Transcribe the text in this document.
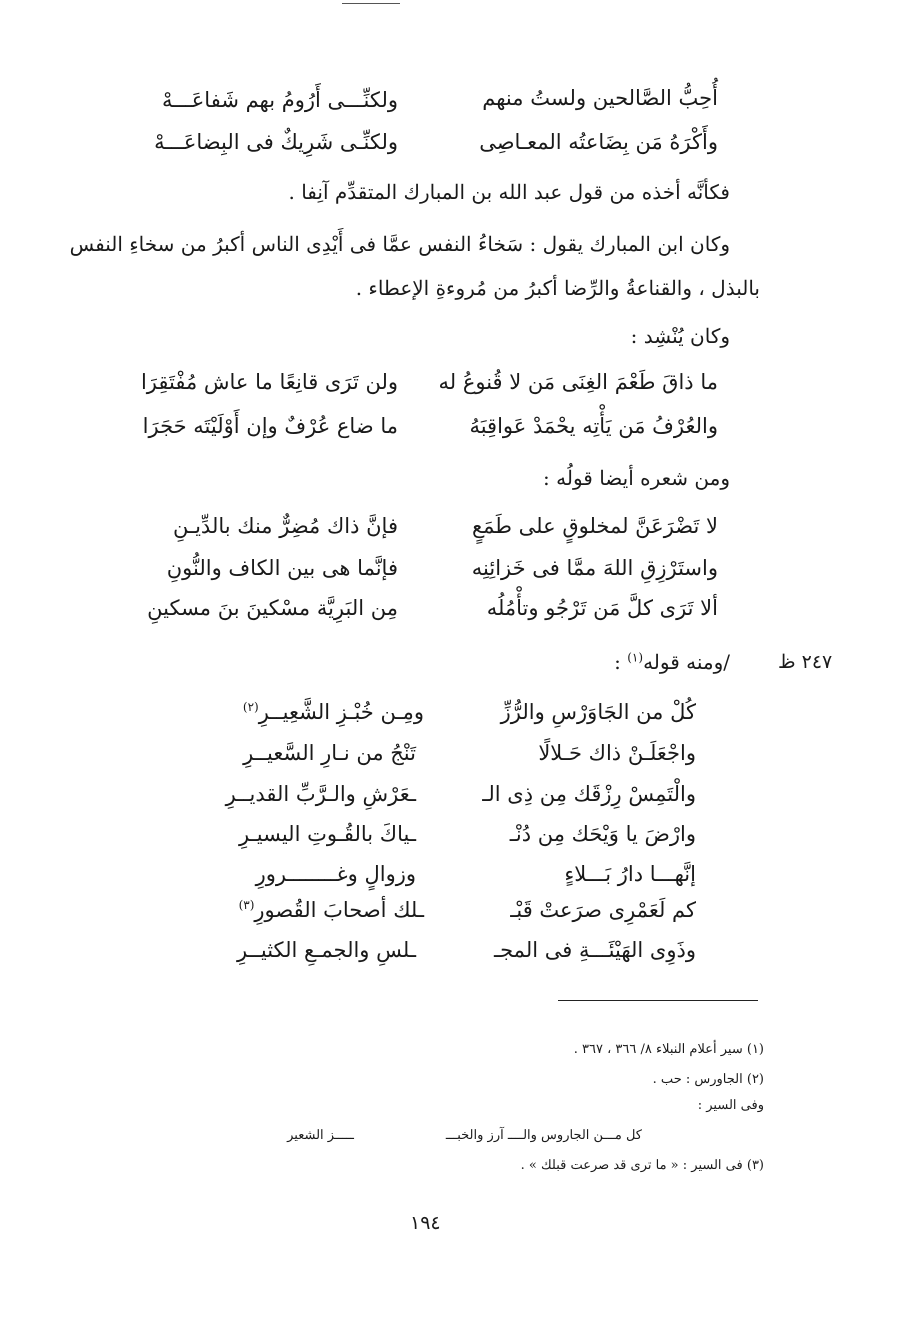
أُحِبُّ الصَّالحين ولستُ منهم
ولكنِّـــى أَرُومُ بهم شَفاعَـــهْ
وأَكْرَهُ مَن بِضَاعتُه المعـاصِى
ولكنِّـى شَرِيكٌ فى البِضاعَـــهْ
فكأنَّه أخذه من قول عبد الله بن المبارك المتقدِّم آنِفا .
وكان ابن المبارك يقول : سَخاءُ النفس عمَّا فى أَيْدِى الناس أكبرُ من سخاءِ النفس
بالبذل ، والقناعةُ والرِّضا أكبرُ من مُروءةِ الإعطاء .
وكان يُنْشِد :
ما ذاقَ طَعْمَ الغِنَى مَن لا قُنوعُ له
ولن تَرَى قانِعًا ما عاش مُفْتَقِرَا
والعُرْفُ مَن يَأْتِه يحْمَدْ عَواقِبَهُ
ما ضاع عُرْفٌ وإن أَوْلَيْتَه حَجَرَا
ومن شعره أيضا قولُه :
لا تَضْرَعَنَّ لمخلوقٍ على طَمَعٍ
فإنَّ ذاك مُضِرٌّ منك بالدِّيـنِ
واستَرْزِقِ اللهَ ممَّا فى خَزائِنِه
فإنَّما هى بين الكاف والنُّونِ
ألا تَرَى كلَّ مَن تَرْجُو وتأْمُلُه
مِن البَرِيَّة مسْكينَ بنَ مسكينِ
٢٤٧ ظ
/ومنه قوله$^{(١)}$ :
كُلْ من الجَاوَرْسِ والرُّزِّ
ومِـن خُبْـزِ الشَّعِيــرِ$^{(٢)}$
واجْعَلَـنْ ذاك حَـلالًا
تَنْجُ من نـارِ السَّعيــرِ
والْتَمِسْ رِزْقَك مِن ذِى الـ
ـعَرْشِ والـرَّبِّ القديــرِ
وارْضَ يا وَيْحَك مِن دُنْـ
ـياكَ بالقُـوتِ اليسيـرِ
إنَّهـــا دارُ بَـــلاءٍ
وزوالٍ وغــــــــرورِ
كم لَعَمْرِى صرَعتْ قَبْـ
ـلك أصحابَ القُصورِ$^{(٣)}$
وذَوِى الهَيْئَـــةِ فى المجـ
ـلسِ والجمـعِ الكثيــرِ
(١) سير أعلام النبلاء ٨/ ٣٦٦ ، ٣٦٧ .
(٢) الجاورس : حب .
وفى السير :
كل مـــن الجاروس والــــ آرز والخبـــ
ـــــز الشعير
(٣) فى السير : « ما ترى قد صرعت قبلك » .
١٩٤
